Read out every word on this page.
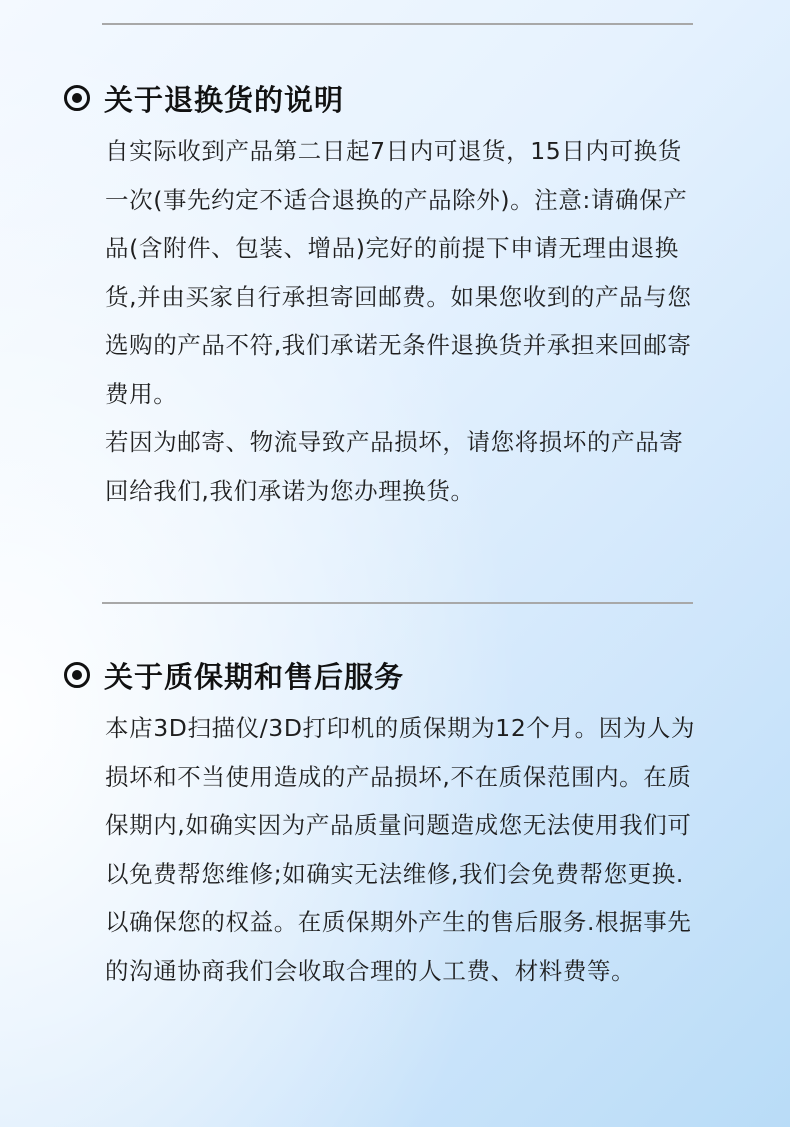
关于退换货的说明

自实际收到产品第二日起7日内可退货，15日内可换货一次(事先约定不适合退换的产品除外)。注意:请确保产品(含附件、包装、增品)完好的前提下申请无理由退换货,并由买家自行承担寄回邮费。如果您收到的产品与您选购的产品不符,我们承诺无条件退换货并承担来回邮寄费用。

若因为邮寄、物流导致产品损坏，请您将损坏的产品寄回给我们,我们承诺为您办理换货。

关于质保期和售后服务

本店3D扫描仪/3D打印机的质保期为12个月。因为人为损坏和不当使用造成的产品损坏,不在质保范围内。在质保期内,如确实因为产品质量问题造成您无法使用我们可以免费帮您维修;如确实无法维修,我们会免费帮您更换.以确保您的权益。在质保期外产生的售后服务.根据事先的沟通协商我们会收取合理的人工费、材料费等。
